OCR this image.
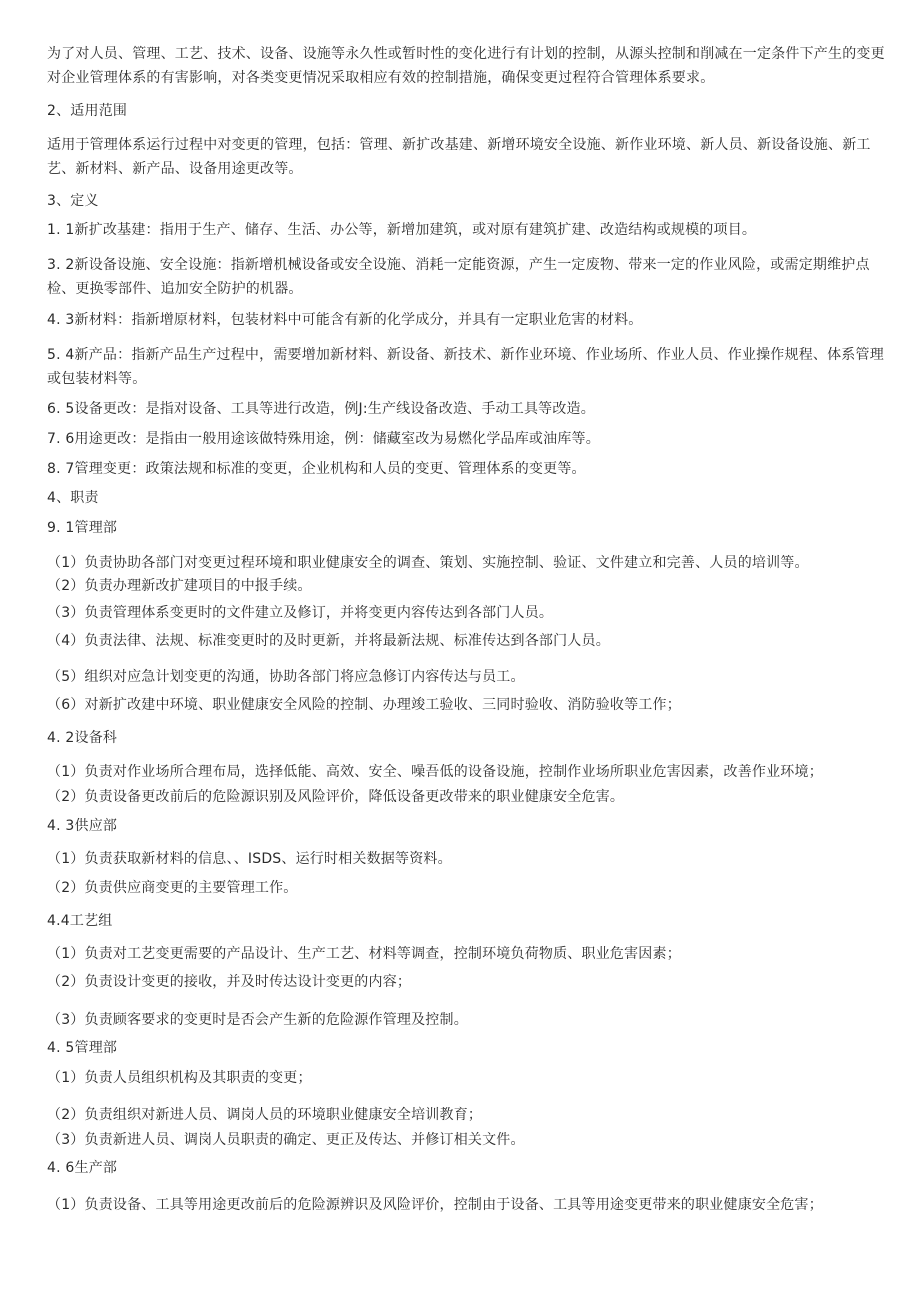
为了对人员、管理、工艺、技术、设备、设施等永久性或暂时性的变化进行有计划的控制，从源头控制和削减在一定条件下产生的变更对企业管理体系的有害影响，对各类变更情况采取相应有效的控制措施，确保变更过程符合管理体系要求。
2、适用范围
适用于管理体系运行过程中对变更的管理，包括：管理、新扩改基建、新增环境安全设施、新作业环境、新人员、新设备设施、新工艺、新材料、新产品、设备用途更改等。
3、定义
1. 1新扩改基建：指用于生产、储存、生活、办公等，新增加建筑，或对原有建筑扩建、改造结构或规模的项目。
3. 2新设备设施、安全设施：指新增机械设备或安全设施、消耗一定能资源，产生一定废物、带来一定的作业风险，或需定期维护点检、更换零部件、追加安全防护的机器。
4. 3新材料：指新增原材料，包装材料中可能含有新的化学成分，并具有一定职业危害的材料。
5. 4新产品：指新产品生产过程中，需要增加新材料、新设备、新技术、新作业环境、作业场所、作业人员、作业操作规程、体系管理或包装材料等。
6. 5设备更改：是指对设备、工具等进行改造，例J:生产线设备改造、手动工具等改造。
7. 6用途更改：是指由一般用途该做特殊用途，例：储藏室改为易燃化学品库或油库等。
8. 7管理变更：政策法规和标准的变更，企业机构和人员的变更、管理体系的变更等。
4、职责
9. 1管理部
（1）负责协助各部门对变更过程环境和职业健康安全的调查、策划、实施控制、验证、文件建立和完善、人员的培训等。
（2）负责办理新改扩建项目的中报手续。
（3）负责管理体系变更时的文件建立及修订，并将变更内容传达到各部门人员。
（4）负责法律、法规、标准变更时的及时更新，并将最新法规、标准传达到各部门人员。
（5）组织对应急计划变更的沟通，协助各部门将应急修订内容传达与员工。
（6）对新扩改建中环境、职业健康安全风险的控制、办理竣工验收、三同时验收、消防验收等工作；
4. 2设备科
（1）负责对作业场所合理布局，选择低能、高效、安全、噪吾低的设备设施，控制作业场所职业危害因素，改善作业环境；
（2）负责设备更改前后的危险源识别及风险评价，降低设备更改带来的职业健康安全危害。
4. 3供应部
（1）负责获取新材料的信息、、ISDS、运行时相关数据等资料。
（2）负责供应商变更的主要管理工作。
4.4工艺组
（1）负责对工艺变更需要的产品设计、生产工艺、材料等调查，控制环境负荷物质、职业危害因素；
（2）负责设计变更的接收，并及时传达设计变更的内容；
（3）负责顾客要求的变更时是否会产生新的危险源作管理及控制。
4. 5管理部
（1）负责人员组织机构及其职责的变更；
（2）负责组织对新进人员、调岗人员的环境职业健康安全培训教育；
（3）负责新进人员、调岗人员职责的确定、更正及传达、并修订相关文件。
4. 6生产部
（1）负责设备、工具等用途更改前后的危险源辨识及风险评价，控制由于设备、工具等用途变更带来的职业健康安全危害；
